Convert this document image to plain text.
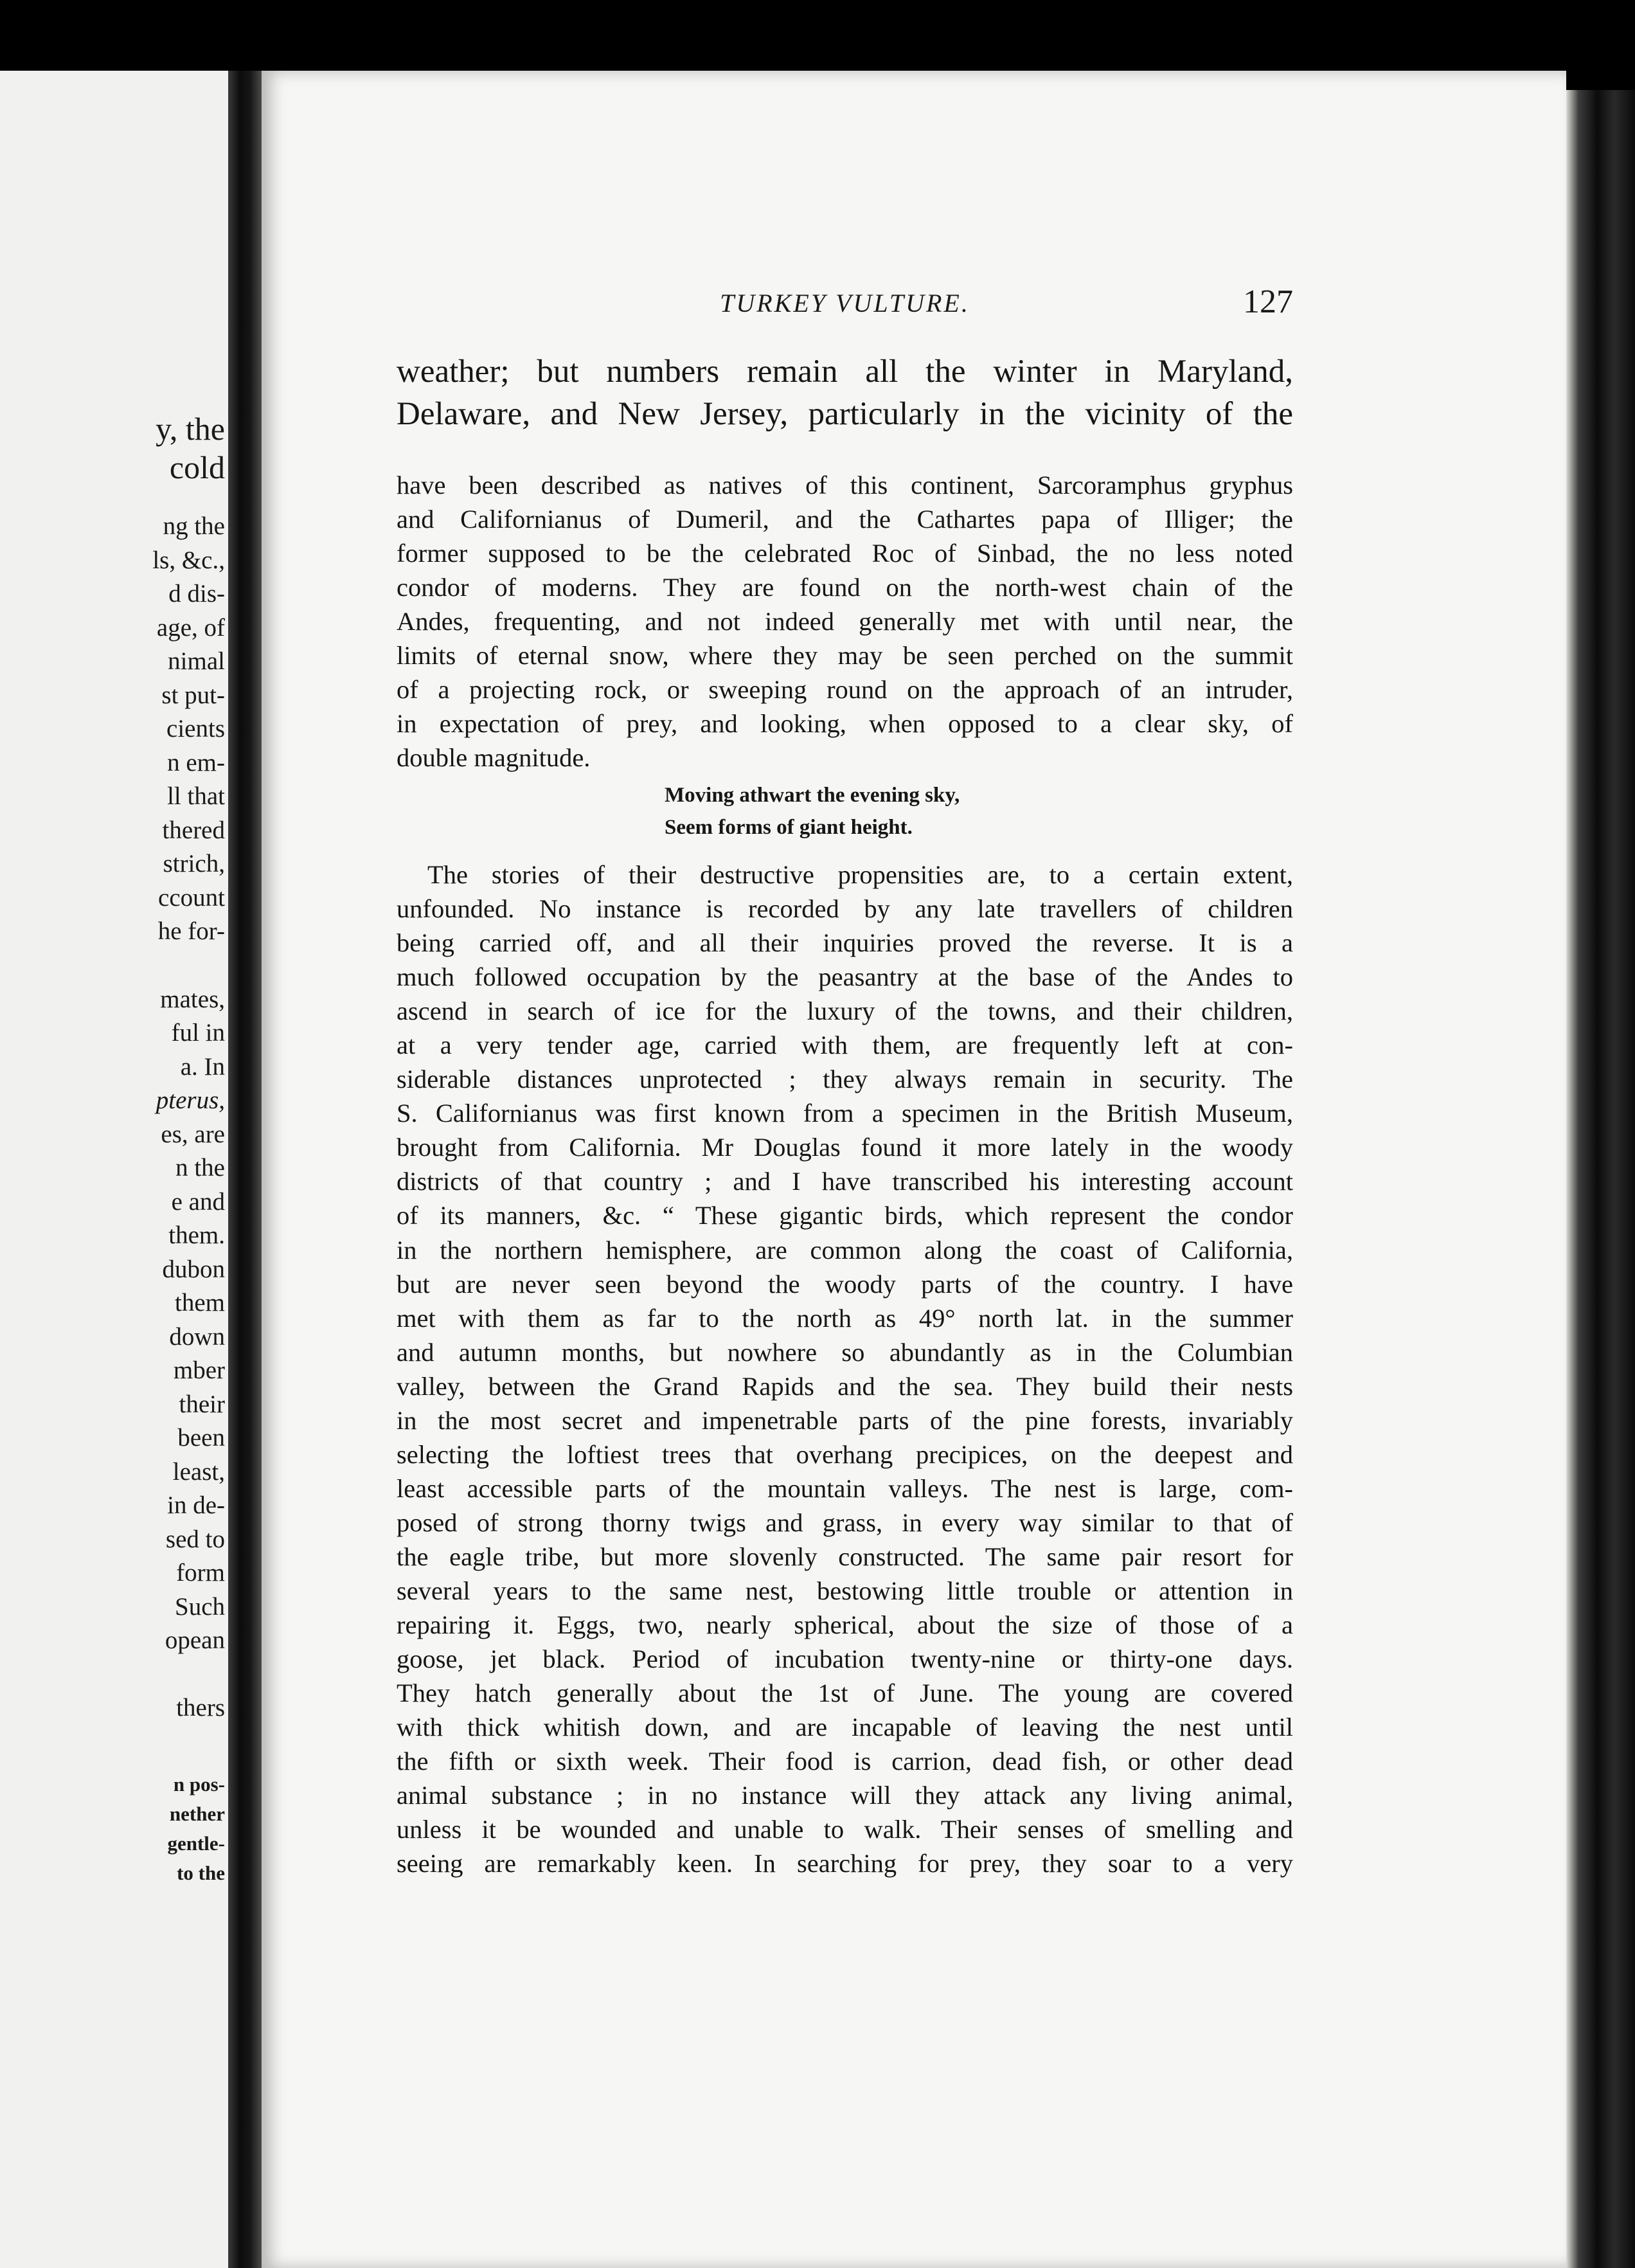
y, the
cold
ng the
ls, &c.,
d dis-
age, of
nimal
st put-
cients
n em-
ll that
thered
strich,
ccount
he for-
mates,
ful in
a. In
pterus,
es, are
n the
e and
them.
dubon
them
down
mber
their
been
least,
in de-
sed to
form
Such
opean
thers
n pos-
nether
gentle-
to the
TURKEY VULTURE.	127
weather; but numbers remain all the winter in Maryland,
Delaware, and New Jersey, particularly in the vicinity of the
have been described as natives of this continent, Sarcoramphus gryphus
and Californianus of Dumeril, and the Cathartes papa of Illiger; the
former supposed to be the celebrated Roc of Sinbad, the no less noted
condor of moderns. They are found on the north-west chain of the
Andes, frequenting, and not indeed generally met with until near, the
limits of eternal snow, where they may be seen perched on the summit
of a projecting rock, or sweeping round on the approach of an intruder,
in expectation of prey, and looking, when opposed to a clear sky, of
double magnitude.
Moving athwart the evening sky,
Seem forms of giant height.
The stories of their destructive propensities are, to a certain extent,
unfounded. No instance is recorded by any late travellers of children
being carried off, and all their inquiries proved the reverse. It is a
much followed occupation by the peasantry at the base of the Andes to
ascend in search of ice for the luxury of the towns, and their children,
at a very tender age, carried with them, are frequently left at con-
siderable distances unprotected ; they always remain in security. The
S. Californianus was first known from a specimen in the British Museum,
brought from California. Mr Douglas found it more lately in the woody
districts of that country ; and I have transcribed his interesting account
of its manners, &c. “ These gigantic birds, which represent the condor
in the northern hemisphere, are common along the coast of California,
but are never seen beyond the woody parts of the country. I have
met with them as far to the north as 49° north lat. in the summer
and autumn months, but nowhere so abundantly as in the Columbian
valley, between the Grand Rapids and the sea. They build their nests
in the most secret and impenetrable parts of the pine forests, invariably
selecting the loftiest trees that overhang precipices, on the deepest and
least accessible parts of the mountain valleys. The nest is large, com-
posed of strong thorny twigs and grass, in every way similar to that of
the eagle tribe, but more slovenly constructed. The same pair resort for
several years to the same nest, bestowing little trouble or attention in
repairing it. Eggs, two, nearly spherical, about the size of those of a
goose, jet black. Period of incubation twenty-nine or thirty-one days.
They hatch generally about the 1st of June. The young are covered
with thick whitish down, and are incapable of leaving the nest until
the fifth or sixth week. Their food is carrion, dead fish, or other dead
animal substance ; in no instance will they attack any living animal,
unless it be wounded and unable to walk. Their senses of smelling and
seeing are remarkably keen. In searching for prey, they soar to a very
